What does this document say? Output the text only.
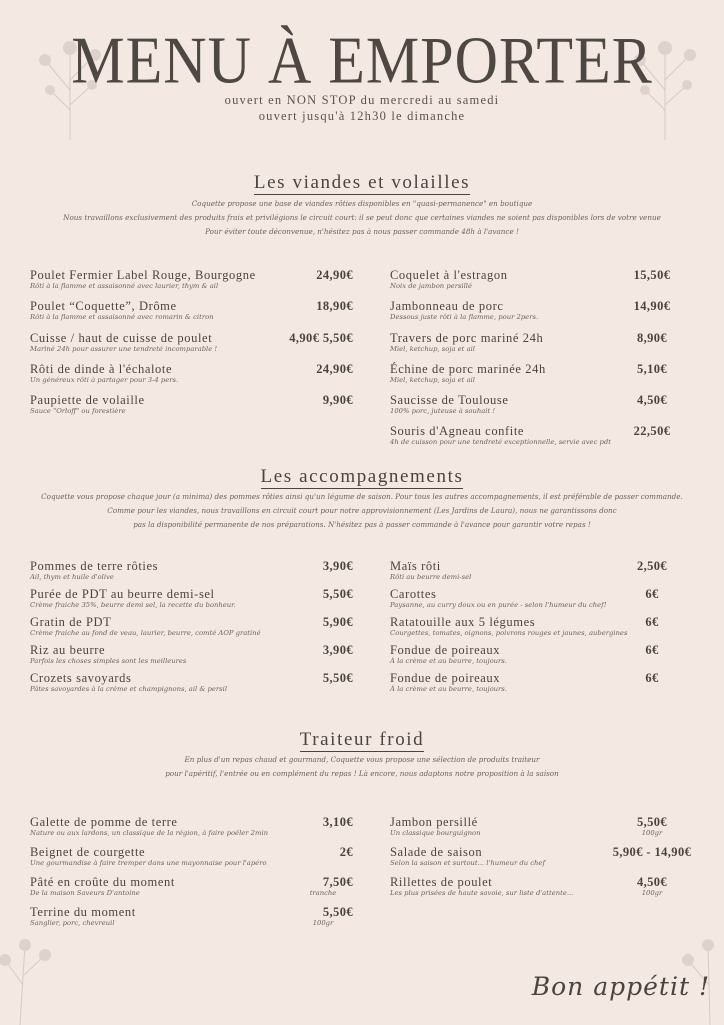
MENU À EMPORTER
ouvert en NON STOP du mercredi au samedi
ouvert jusqu'à 12h30 le dimanche
Les viandes et volailles
Coquette propose une base de viandes rôties disponibles en "quasi-permanence" en boutique
Nous travaillons exclusivement des produits frais et privilégions le circuit court: il se peut donc que certaines viandes ne soient pas disponibles lors de votre venue
Pour éviter toute déconvenue, n'hésitez pas à nous passer commande 48h à l'avance !
Poulet Fermier Label Rouge, Bourgogne
Rôti à la flamme et assaisonné avec laurier, thym & ail
24,90€
Poulet “Coquette”, Drôme
Rôti à la flamme et assaisonné avec romarin & citron
18,90€
Cuisse / haut de cuisse de poulet
Mariné 24h pour assurer une tendreté incomparable !
4,90€ 5,50€
Rôti de dinde à l'échalote
Un généreux rôti à partager pour 3-4 pers.
24,90€
Paupiette de volaille
Sauce "Orloff" ou forestière
9,90€
Coquelet à l'estragon
Noix de jambon persillé
15,50€
Jambonneau de porc
Dessous juste rôti à la flamme, pour 2pers.
14,90€
Travers de porc mariné 24h
Miel, ketchup, soja et ail
8,90€
Échine de porc marinée 24h
Miel, ketchup, soja et ail
5,10€
Saucisse de Toulouse
100% porc, juteuse à souhait !
4,50€
Souris d'Agneau confite
4h de cuisson pour une tendreté exceptionnelle, servie avec pdt
22,50€
Les accompagnements
Coquette vous propose chaque jour (a minima) des pommes rôties ainsi qu'un légume de saison. Pour tous les autres accompagnements, il est préférable de passer commande.
Comme pour les viandes, nous travaillons en circuit court pour notre approvisionnement (Les Jardins de Laura), nous ne garantissons donc
pas la disponibilité permanente de nos préparations. N'hésitez pas à passer commande à l'avance pour garantir votre repas !
Pommes de terre rôties
Ail, thym et huile d'olive
3,90€
Purée de PDT au beurre demi-sel
Crème fraiche 35%, beurre demi sel, la recette du bonheur.
5,50€
Gratin de PDT
Crème fraiche au fond de veau, laurier, beurre, comté AOP gratiné
5,90€
Riz au beurre
Parfois les choses simples sont les meilleures
3,90€
Crozets savoyards
Pâtes savoyardes à la crème et champignons, ail & persil
5,50€
Maïs rôti
Rôti au beurre demi-sel
2,50€
Carottes
Paysanne, au curry doux ou en purée - selon l'humeur du chef!
6€
Ratatouille aux 5 légumes
Courgettes, tomates, oignons, poivrons rouges et jaunes, aubergines
6€
Fondue de poireaux
À la crème et au beurre, toujours.
6€
Fondue de poireaux
À la crème et au beurre, toujours.
6€
Traiteur froid
En plus d'un repas chaud et gourmand, Coquette vous propose une sélection de produits traiteur
pour l'apéritif, l'entrée ou en complément du repas ! Là encore, nous adaptons notre proposition à la saison
Galette de pomme de terre
Nature ou aux lardons, un classique de la région, à faire poêler 2min
3,10€
Beignet de courgette
Une gourmandise à faire tremper dans une mayonnaise pour l'apéro
2€
Pâté en croûte du moment
De la maison Saveurs D'antoine
7,50€
tranche
Terrine du moment
Sanglier, porc, chevreuil
5,50€
100gr
Jambon persillé
Un classique bourguignon
5,50€
100gr
Salade de saison
Selon la saison et surtout... l'humeur du chef
5,90€ - 14,90€
Rillettes de poulet
Les plus prisées de haute savoie, sur liste d'attente...
4,50€
100gr
Bon appétit !
